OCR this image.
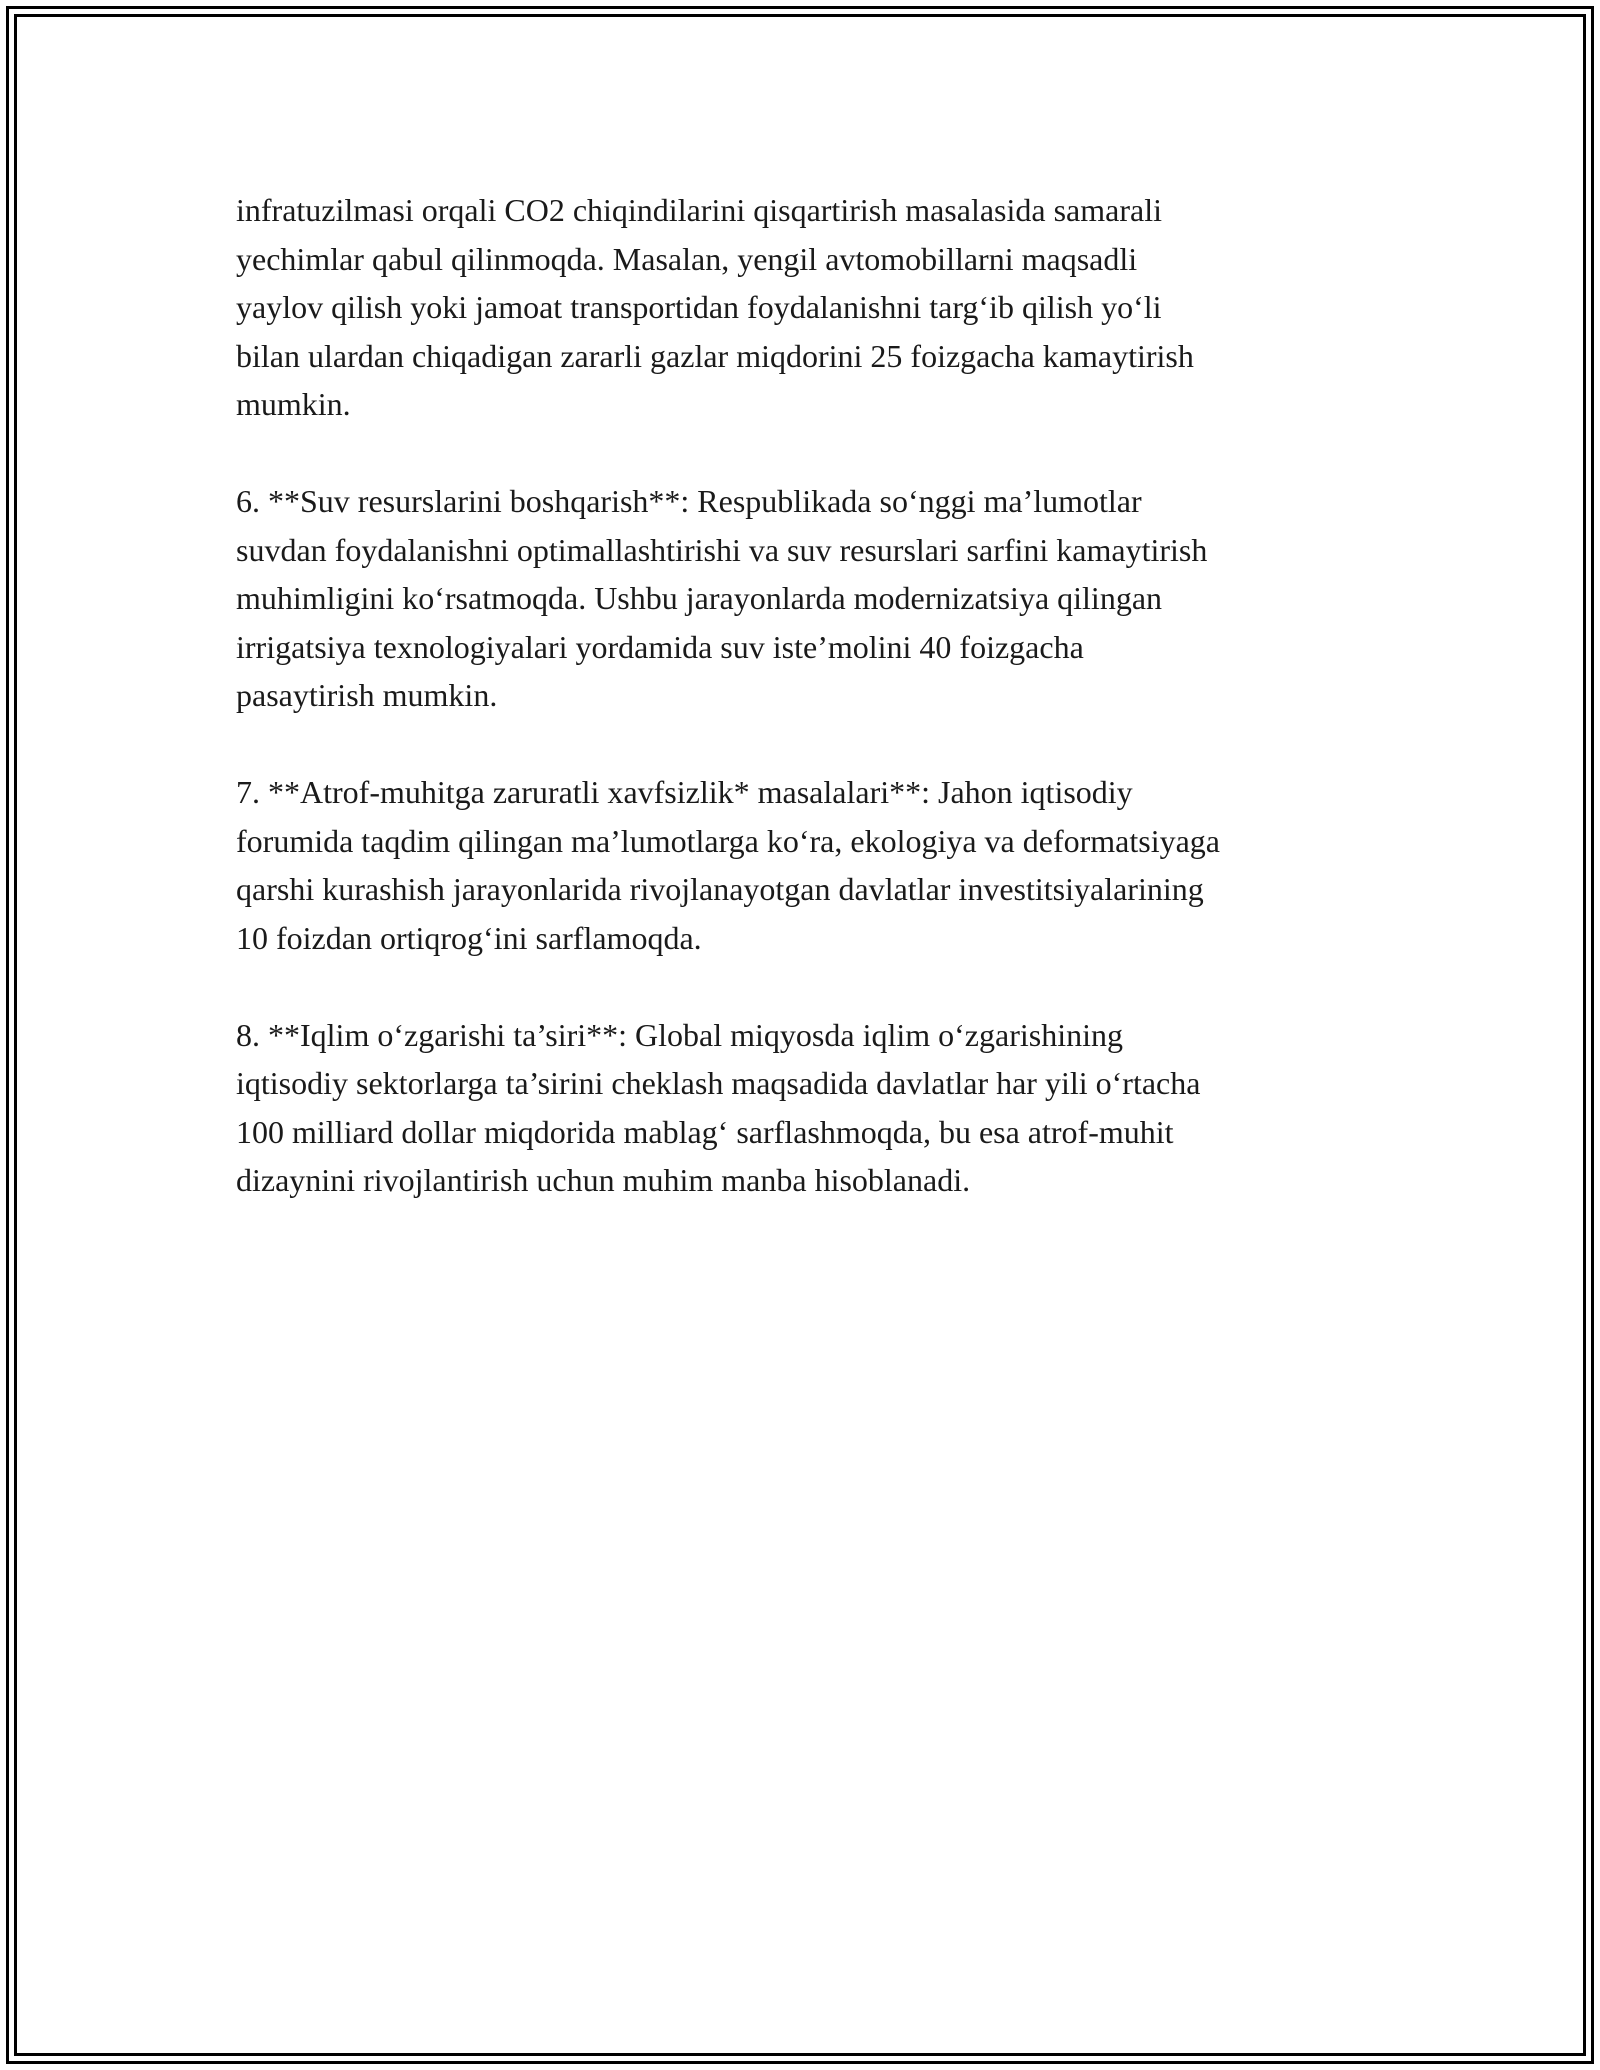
infratuzilmasi orqali CO2 chiqindilarini qisqartirish masalasida samarali
yechimlar qabul qilinmoqda. Masalan, yengil avtomobillarni maqsadli
yaylov qilish yoki jamoat transportidan foydalanishni targ‘ib qilish yo‘li
bilan ulardan chiqadigan zararli gazlar miqdorini 25 foizgacha kamaytirish
mumkin.

6. **Suv resurslarini boshqarish**: Respublikada so‘nggi ma’lumotlar
suvdan foydalanishni optimallashtirishi va suv resurslari sarfini kamaytirish
muhimligini ko‘rsatmoqda. Ushbu jarayonlarda modernizatsiya qilingan
irrigatsiya texnologiyalari yordamida suv iste’molini 40 foizgacha
pasaytirish mumkin.

7. **Atrof-muhitga zaruratli xavfsizlik* masalalari**: Jahon iqtisodiy
forumida taqdim qilingan ma’lumotlarga ko‘ra, ekologiya va deformatsiyaga
qarshi kurashish jarayonlarida rivojlanayotgan davlatlar investitsiyalarining
10 foizdan ortiqrog‘ini sarflamoqda.

8. **Iqlim o‘zgarishi ta’siri**: Global miqyosda iqlim o‘zgarishining
iqtisodiy sektorlarga ta’sirini cheklash maqsadida davlatlar har yili o‘rtacha
100 milliard dollar miqdorida mablag‘ sarflashmoqda, bu esa atrof-muhit
dizaynini rivojlantirish uchun muhim manba hisoblanadi.
